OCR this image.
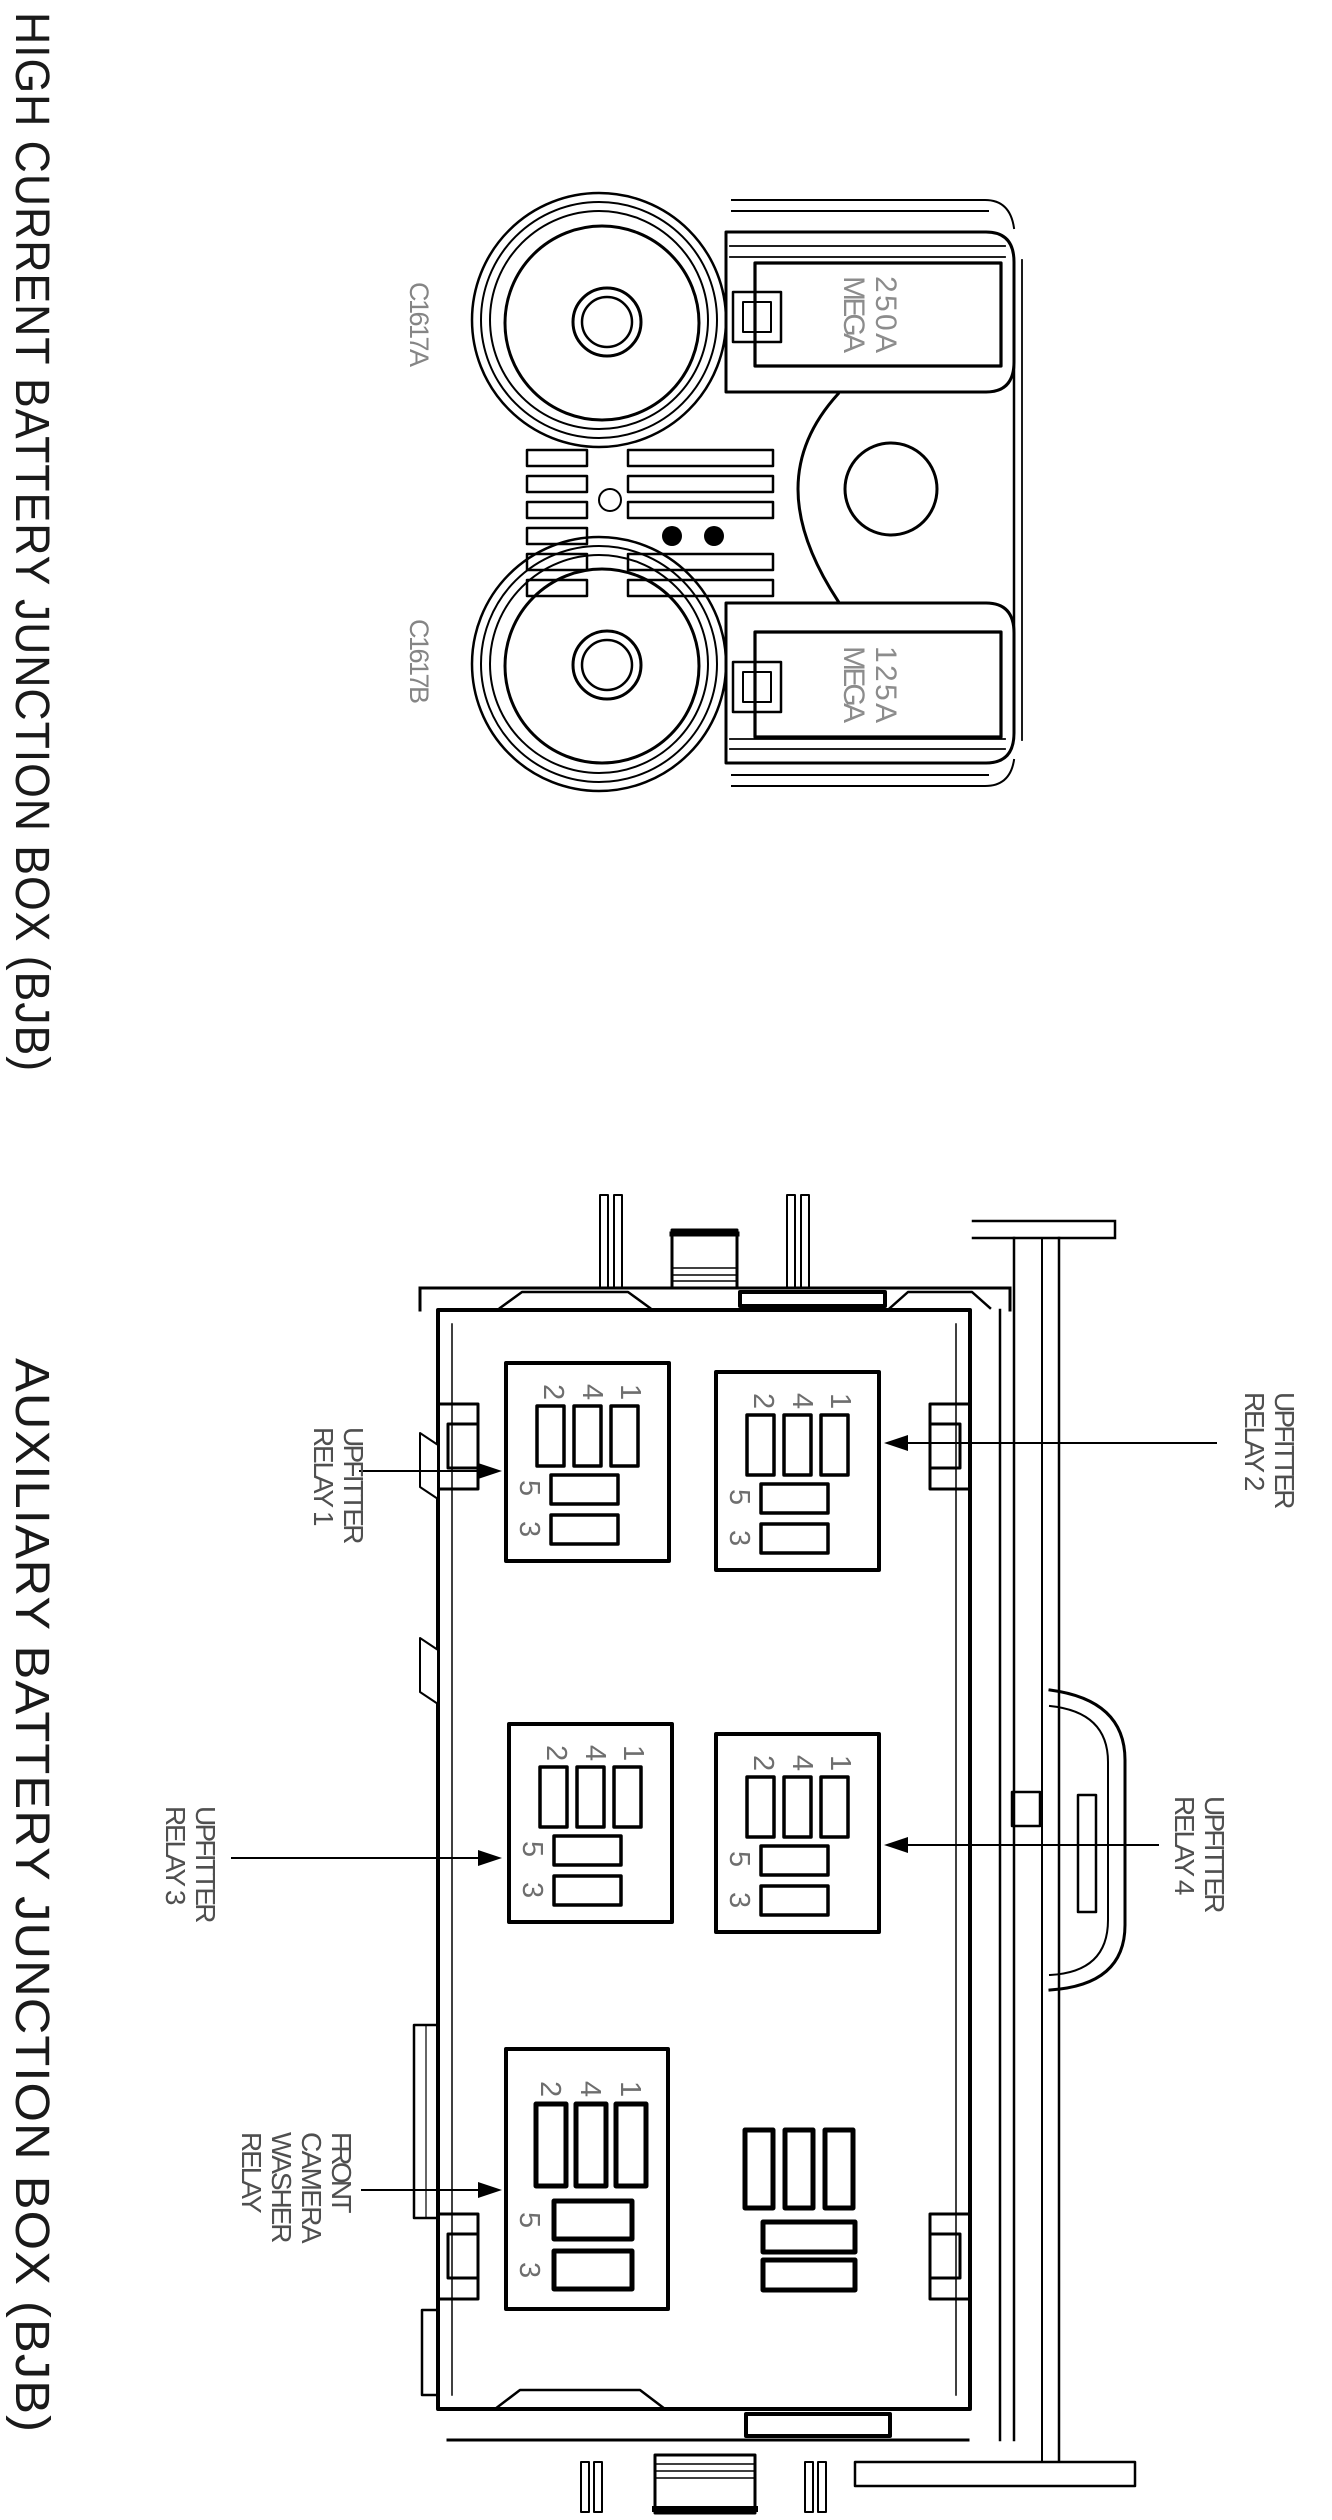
HIGH CURRENT BATTERY JUNCTION BOX (BJB)	C1617A
C1617B
250A
MEGA
125A
MEGA
AUXILIARY BATTERY JUNCTION BOX (BJB)	2 4 1
5
3
2 4 1
5
3
2 4 1
5
3
2 4 1
5
3
2 4 1
5
3
UPFITTER
RELAY 1
UPFITTER
RELAY 2
UPFITTER
RELAY 3
UPFITTER
RELAY 4
FRONT
CAMERA
WASHER
RELAY
